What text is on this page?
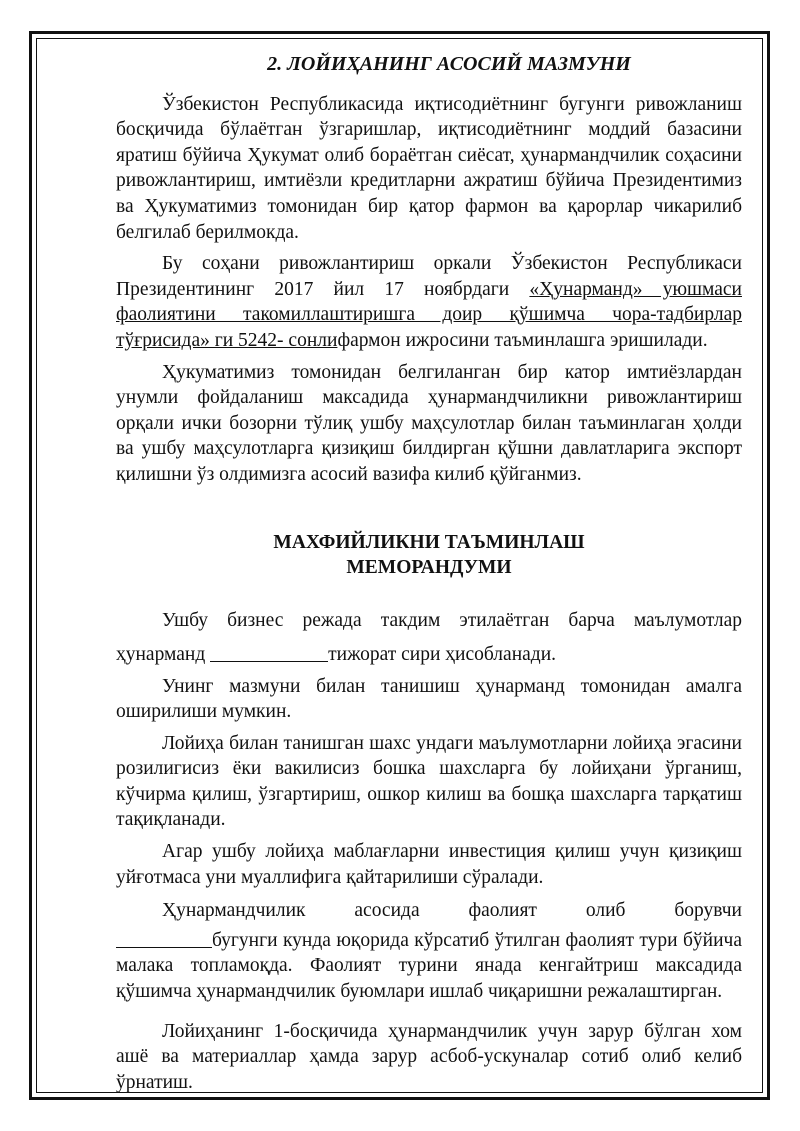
2. ЛОЙИҲАНИНГ АСОСИЙ МАЗМУНИ

Ўзбекистон Республикасида иқтисодиётнинг бугунги ривожланиш босқичида бўлаётган ўзгаришлар, иқтисодиётнинг моддий базасини яратиш бўйича Ҳукумат олиб бораётган сиёсат, ҳунармандчилик соҳасини ривожлантириш, имтиёзли кредитларни ажратиш бўйича Президентимиз ва Ҳукуматимиз томонидан бир қатор фармон ва қарорлар чикарилиб белгилаб берилмокда.

Бу соҳани ривожлантириш оркали Ўзбекистон Республикаси Президентининг 2017 йил 17 ноябрдаги «Ҳунарманд» уюшмаси фаолиятини такомиллаштиришга доир қўшимча чора-тадбирлар тўғрисида» ги 5242- сонлифармон ижросини таъминлашга эришилади.

Ҳукуматимиз томонидан белгиланган бир катор имтиёзлардан унумли фойдаланиш максадида ҳунармандчиликни ривожлантириш орқали ички бозорни тўлиқ ушбу маҳсулотлар билан таъминлаган ҳолди ва ушбу маҳсулотларга қизиқиш билдирган қўшни давлатларига экспорт қилишни ўз олдимизга асосий вазифа килиб қўйганмиз.

МАХФИЙЛИКНИ ТАЪМИНЛАШ
МЕМОРАНДУМИ

Ушбу бизнес режада такдим этилаётган барча маълумотлар ҳунарманд	тижорат сири ҳисобланади.

Унинг мазмуни билан танишиш ҳунарманд томонидан амалга оширилиши мумкин.

Лойиҳа билан танишган шахс ундаги маълумотларни лойиҳа эгасини розилигисиз ёки вакилисиз бошка шахсларга бу лойиҳани ўрганиш, кўчирма қилиш, ўзгартириш, ошкор килиш ва бошқа шахсларга тарқатиш тақиқланади.

Агар ушбу лойиҳа маблағларни инвестиция қилиш учун қизиқиш уйғотмаса уни муаллифига қайтарилиши сўралади.

Ҳунармандчилик	асосида	фаолият	олиб	борувчи

бугунги кунда юқорида кўрсатиб ўтилган фаолият тури бўйича малака топламоқда. Фаолият турини янада кенгайтриш максадида қўшимча ҳунармандчилик буюмлари ишлаб чиқаришни режалаштирган.

Лойиҳанинг 1-босқичида ҳунармандчилик учун зарур бўлган хом ашё ва материаллар ҳамда зарур асбоб-ускуналар сотиб олиб келиб ўрнатиш.
